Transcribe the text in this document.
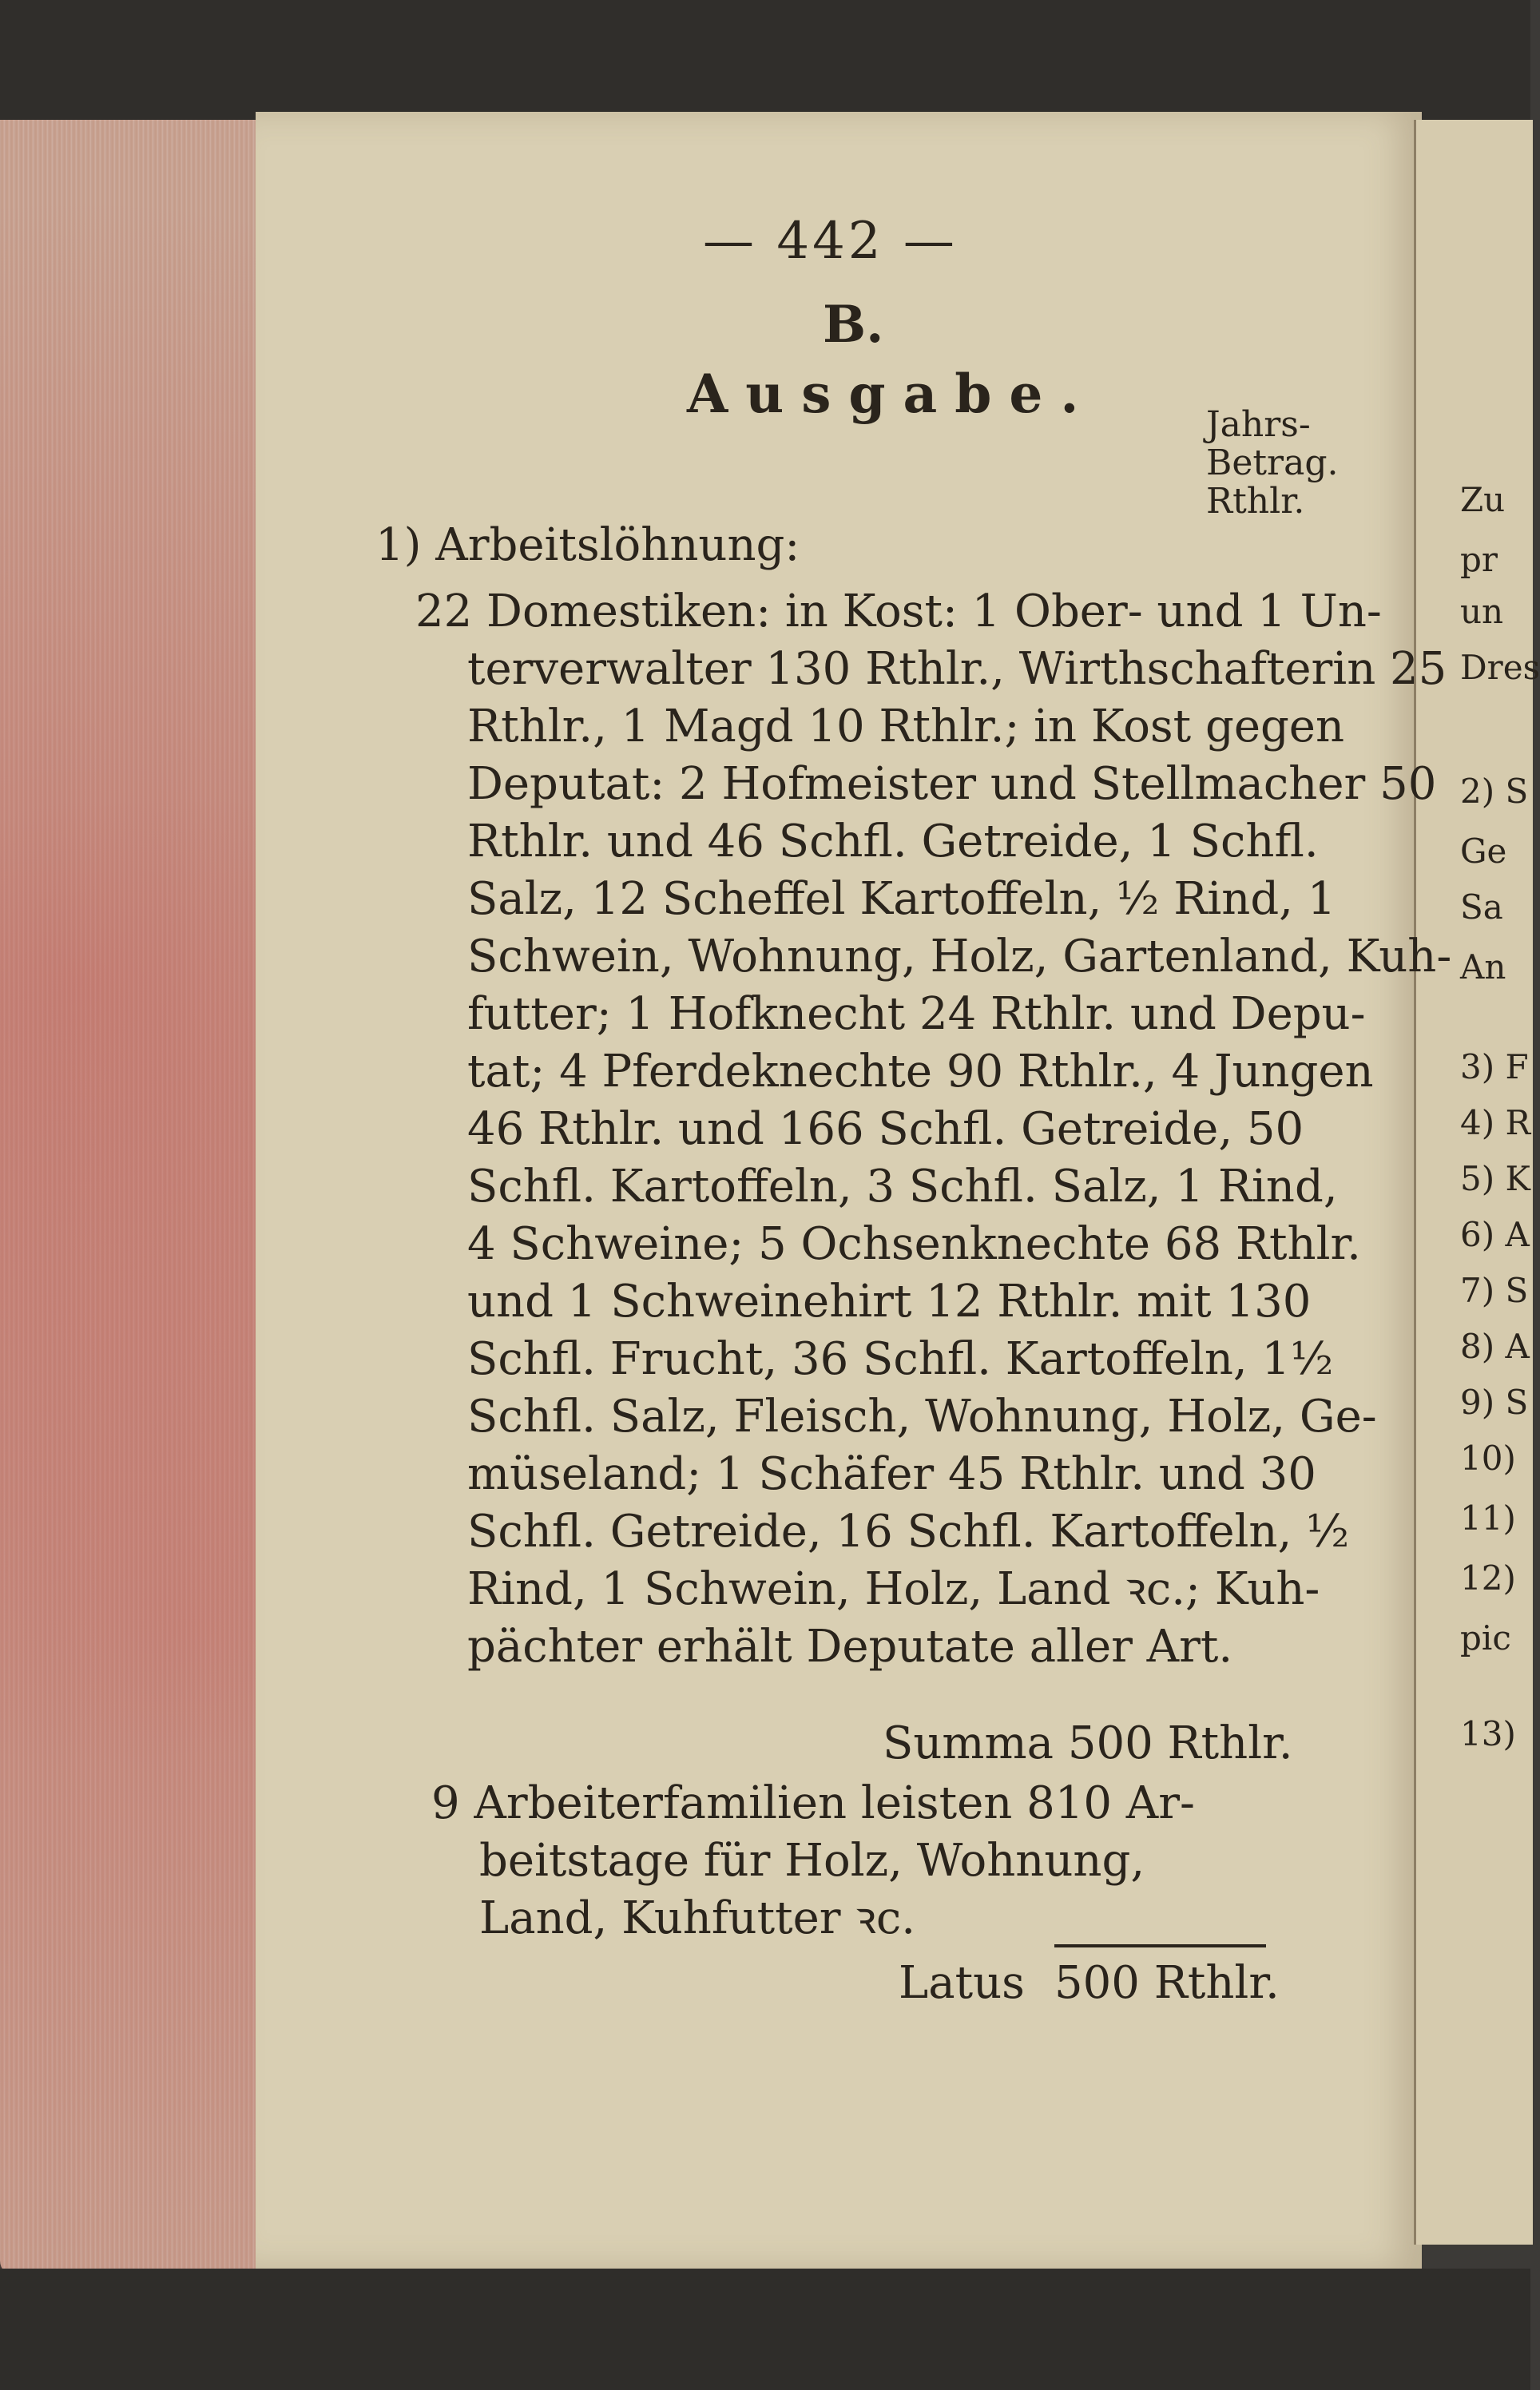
— 442 —
B.
Ausgabe.	Jahrs-
Betrag.
Rthlr.
1) Arbeitslöhnung:
22 Domestiken: in Kost: 1 Ober- und 1 Un-
terverwalter 130 Rthlr., Wirthschafterin 25
Rthlr., 1 Magd 10 Rthlr.; in Kost gegen
Deputat: 2 Hofmeister und Stellmacher 50
Rthlr. und 46 Schfl. Getreide, 1 Schfl.
Salz, 12 Scheffel Kartoffeln, ½ Rind, 1
Schwein, Wohnung, Holz, Gartenland, Kuh-
futter; 1 Hofknecht 24 Rthlr. und Depu-
tat; 4 Pferdeknechte 90 Rthlr., 4 Jungen
46 Rthlr. und 166 Schfl. Getreide, 50
Schfl. Kartoffeln, 3 Schfl. Salz, 1 Rind,
4 Schweine; 5 Ochsenknechte 68 Rthlr.
und 1 Schweinehirt 12 Rthlr. mit 130
Schfl. Frucht, 36 Schfl. Kartoffeln, 1½
Schfl. Salz, Fleisch, Wohnung, Holz, Ge-
müseland; 1 Schäfer 45 Rthlr. und 30
Schfl. Getreide, 16 Schfl. Kartoffeln, ½
Rind, 1 Schwein, Holz, Land ꝛc.; Kuh-
pächter erhält Deputate aller Art.
Summa 500 Rthlr.
9 Arbeiterfamilien leisten 810 Ar-
beitstage für Holz, Wohnung,
Land, Kuhfutter ꝛc.
Latus 500 Rthlr.
Zu
pr
un
Dres
2) S
Ge
Sa
An
3) F
4) R
5) K
6) A
7) S
8) A
9) S
10)
11)
12)
pic
13)
